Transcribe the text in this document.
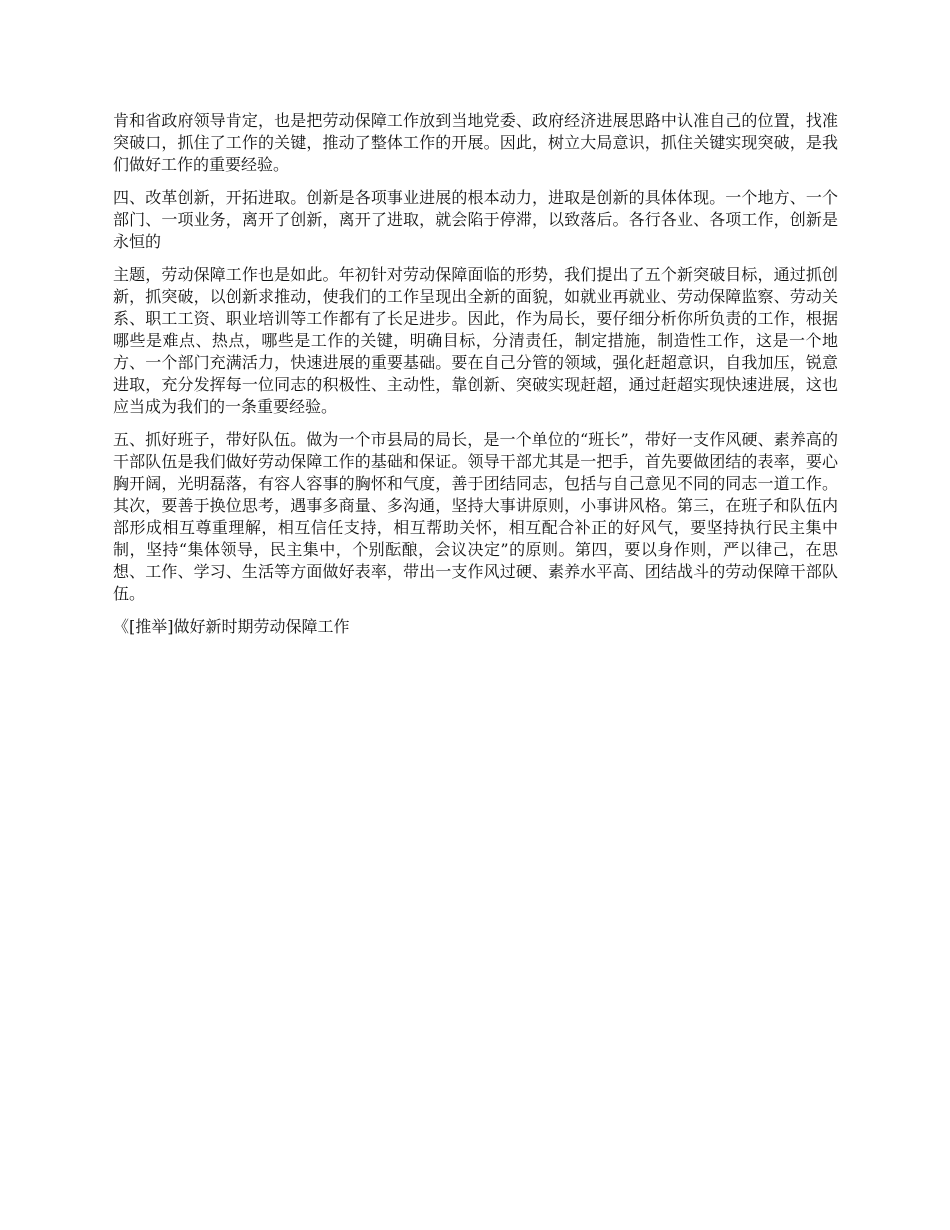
肯和省政府领导肯定，也是把劳动保障工作放到当地党委、政府经济进展思路中认准自己的位置，找准突破口，抓住了工作的关键，推动了整体工作的开展。因此，树立大局意识，抓住关键实现突破，是我们做好工作的重要经验。

四、改革创新，开拓进取。创新是各项事业进展的根本动力，进取是创新的具体体现。一个地方、一个部门、一项业务，离开了创新，离开了进取，就会陷于停滞，以致落后。各行各业、各项工作，创新是永恒的

主题，劳动保障工作也是如此。年初针对劳动保障面临的形势，我们提出了五个新突破目标，通过抓创新，抓突破，以创新求推动，使我们的工作呈现出全新的面貌，如就业再就业、劳动保障监察、劳动关系、职工工资、职业培训等工作都有了长足进步。因此，作为局长，要仔细分析你所负责的工作，根据哪些是难点、热点，哪些是工作的关键，明确目标，分清责任，制定措施，制造性工作，这是一个地方、一个部门充满活力，快速进展的重要基础。要在自己分管的领域，强化赶超意识，自我加压，锐意进取，充分发挥每一位同志的积极性、主动性，靠创新、突破实现赶超，通过赶超实现快速进展，这也应当成为我们的一条重要经验。

五、抓好班子，带好队伍。做为一个市县局的局长，是一个单位的“班长”，带好一支作风硬、素养高的干部队伍是我们做好劳动保障工作的基础和保证。领导干部尤其是一把手，首先要做团结的表率，要心胸开阔，光明磊落，有容人容事的胸怀和气度，善于团结同志，包括与自己意见不同的同志一道工作。其次，要善于换位思考，遇事多商量、多沟通，坚持大事讲原则，小事讲风格。第三，在班子和队伍内部形成相互尊重理解，相互信任支持，相互帮助关怀，相互配合补正的好风气，要坚持执行民主集中制，坚持“集体领导，民主集中，个别酝酿，会议决定”的原则。第四，要以身作则，严以律己，在思想、工作、学习、生活等方面做好表率，带出一支作风过硬、素养水平高、团结战斗的劳动保障干部队伍。

《[推举]做好新时期劳动保障工作
